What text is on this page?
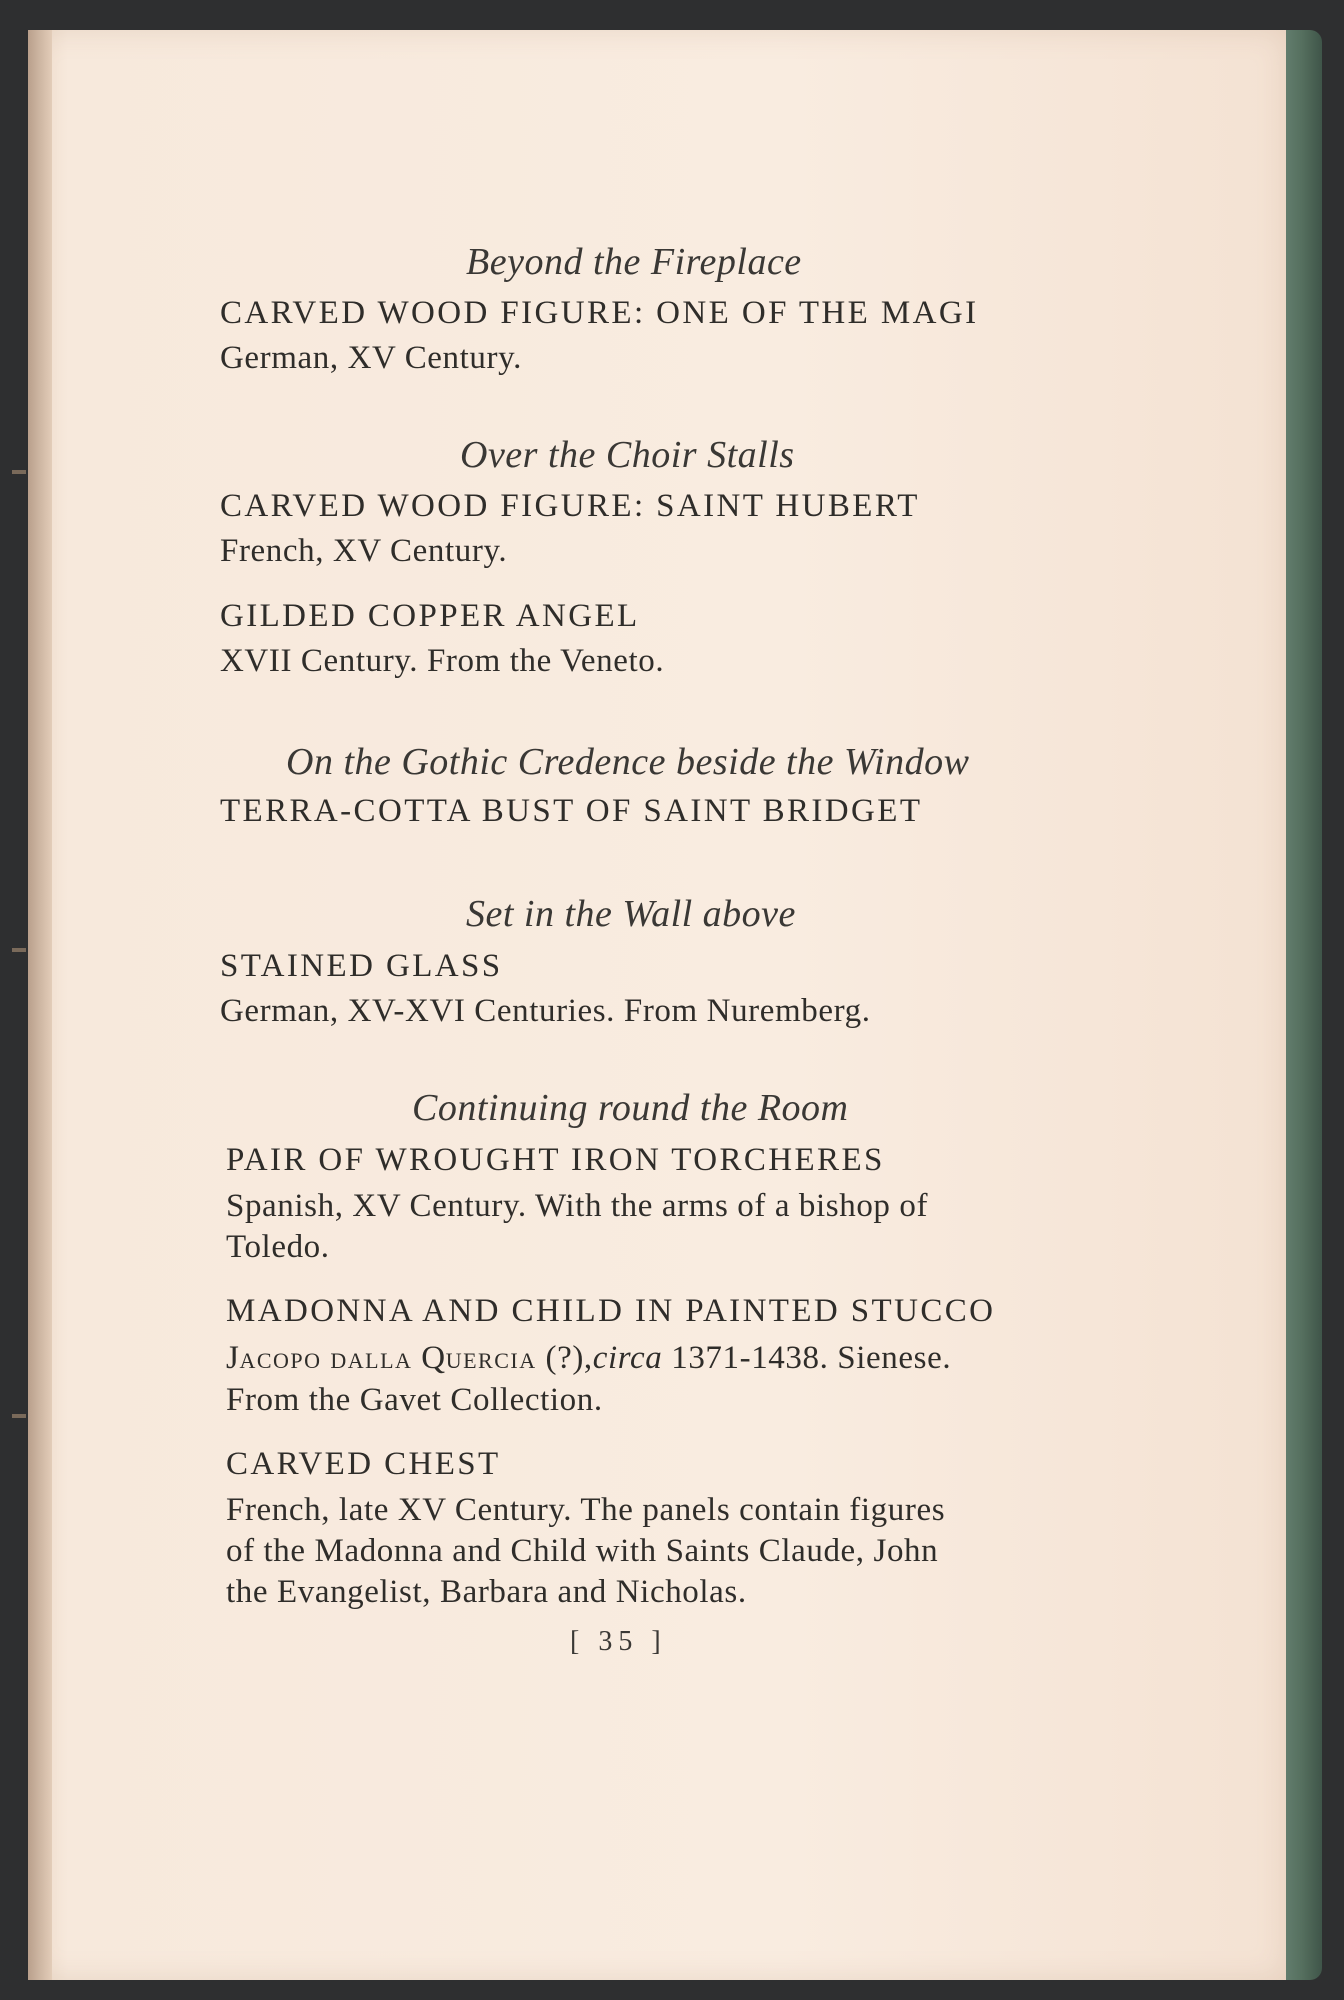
Beyond the Fireplace
CARVED WOOD FIGURE: ONE OF THE MAGI
German, XV Century.
Over the Choir Stalls
CARVED WOOD FIGURE: SAINT HUBERT
French, XV Century.
GILDED COPPER ANGEL
XVII Century. From the Veneto.
On the Gothic Credence beside the Window
TERRA-COTTA BUST OF SAINT BRIDGET
Set in the Wall above
STAINED GLASS
German, XV-XVI Centuries. From Nuremberg.
Continuing round the Room
PAIR OF WROUGHT IRON TORCHERES
Spanish, XV Century. With the arms of a bishop of
Toledo.
MADONNA AND CHILD IN PAINTED STUCCO
JACOPO DALLA QUERCIA (?),circa 1371-1438. Sienese.
From the Gavet Collection.
CARVED CHEST
French, late XV Century. The panels contain figures
of the Madonna and Child with Saints Claude, John
the Evangelist, Barbara and Nicholas.
[ 35 ]
